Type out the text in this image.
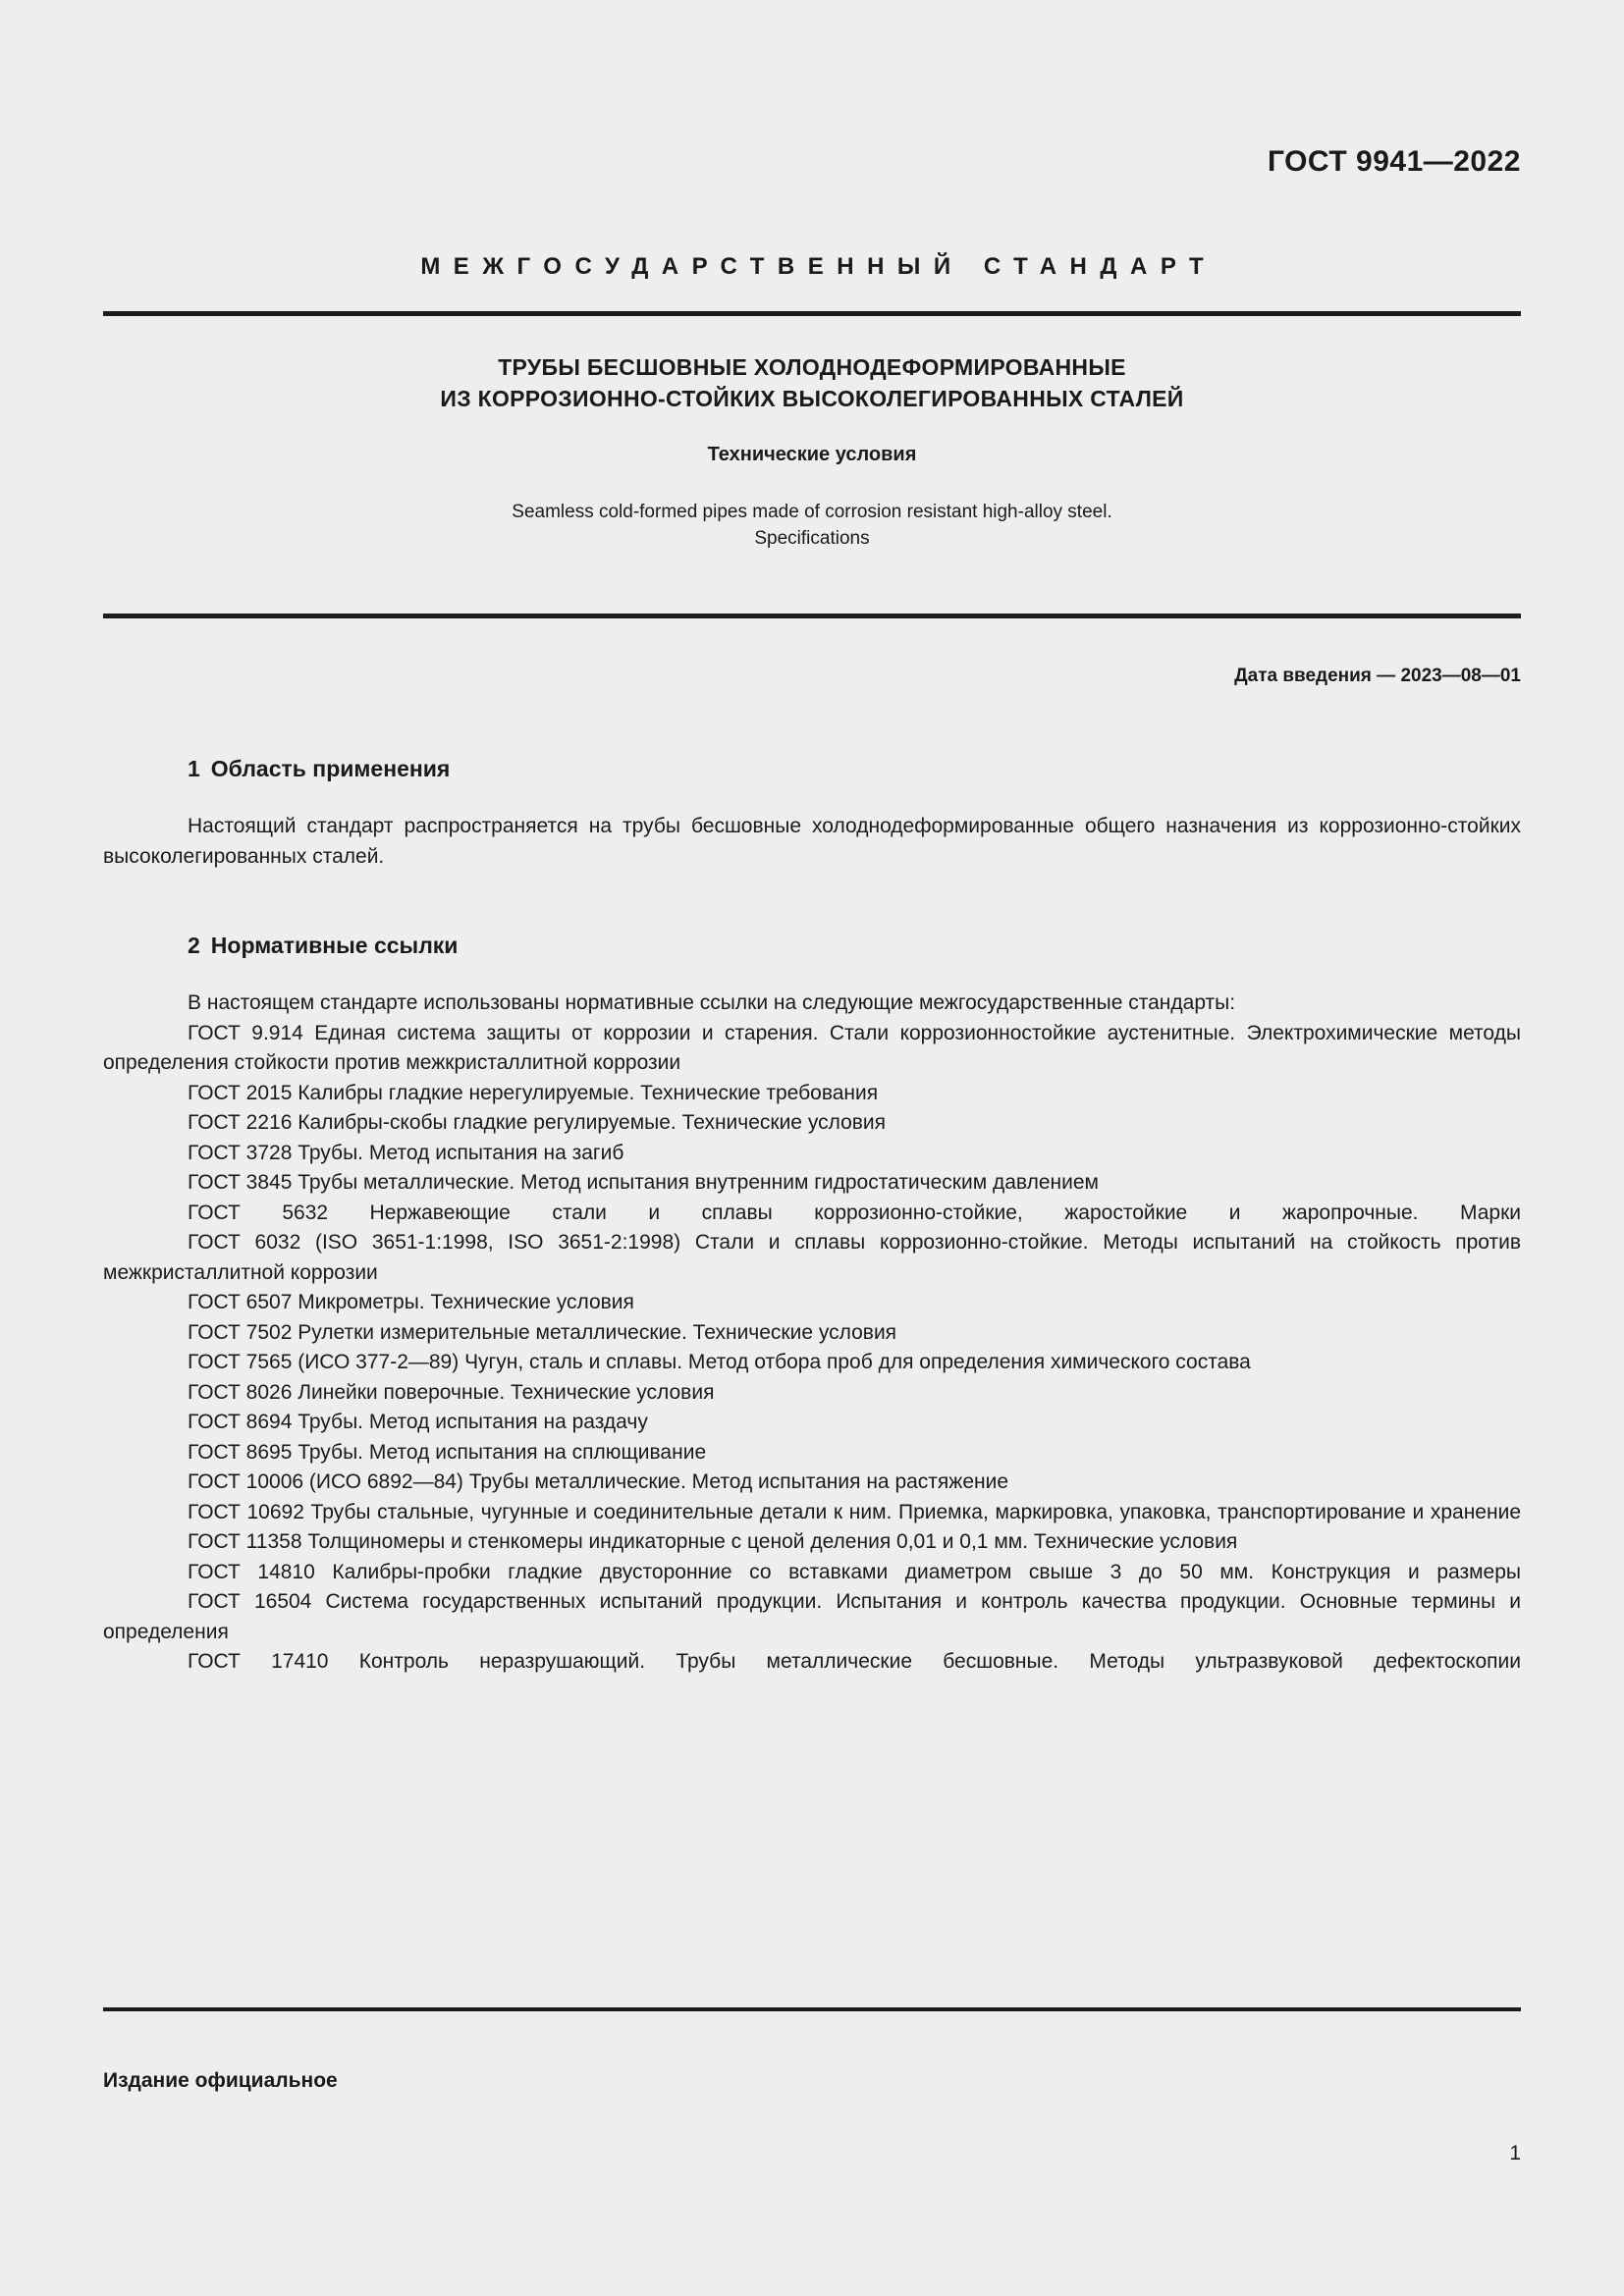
ГОСТ 9941—2022
МЕЖГОСУДАРСТВЕННЫЙ СТАНДАРТ
ТРУБЫ БЕСШОВНЫЕ ХОЛОДНОДЕФОРМИРОВАННЫЕ
ИЗ КОРРОЗИОННО-СТОЙКИХ ВЫСОКОЛЕГИРОВАННЫХ СТАЛЕЙ
Технические условия
Seamless cold-formed pipes made of corrosion resistant high-alloy steel.
Specifications
Дата введения — 2023—08—01
1 Область применения

Настоящий стандарт распространяется на трубы бесшовные холоднодеформированные общего назначения из коррозионно-стойких высоколегированных сталей.

2 Нормативные ссылки

В настоящем стандарте использованы нормативные ссылки на следующие межгосударственные стандарты:

ГОСТ 9.914 Единая система защиты от коррозии и старения. Стали коррозионностойкие аустенитные. Электрохимические методы определения стойкости против межкристаллитной коррозии
ГОСТ 2015 Калибры гладкие нерегулируемые. Технические требования
ГОСТ 2216 Калибры-скобы гладкие регулируемые. Технические условия
ГОСТ 3728 Трубы. Метод испытания на загиб
ГОСТ 3845 Трубы металлические. Метод испытания внутренним гидростатическим давлением
ГОСТ 5632 Нержавеющие стали и сплавы коррозионно-стойкие, жаростойкие и жаропрочные. Марки
ГОСТ 6032 (ISO 3651-1:1998, ISO 3651-2:1998) Стали и сплавы коррозионно-стойкие. Методы испытаний на стойкость против межкристаллитной коррозии
ГОСТ 6507 Микрометры. Технические условия
ГОСТ 7502 Рулетки измерительные металлические. Технические условия
ГОСТ 7565 (ИСО 377-2—89) Чугун, сталь и сплавы. Метод отбора проб для определения химического состава
ГОСТ 8026 Линейки поверочные. Технические условия
ГОСТ 8694 Трубы. Метод испытания на раздачу
ГОСТ 8695 Трубы. Метод испытания на сплющивание
ГОСТ 10006 (ИСО 6892—84) Трубы металлические. Метод испытания на растяжение
ГОСТ 10692 Трубы стальные, чугунные и соединительные детали к ним. Приемка, маркировка, упаковка, транспортирование и хранение
ГОСТ 11358 Толщиномеры и стенкомеры индикаторные с ценой деления 0,01 и 0,1 мм. Технические условия
ГОСТ 14810 Калибры-пробки гладкие двусторонние со вставками диаметром свыше 3 до 50 мм. Конструкция и размеры
ГОСТ 16504 Система государственных испытаний продукции. Испытания и контроль качества продукции. Основные термины и определения
ГОСТ 17410 Контроль неразрушающий. Трубы металлические бесшовные. Методы ультразвуковой дефектоскопии
Издание официальное
1
